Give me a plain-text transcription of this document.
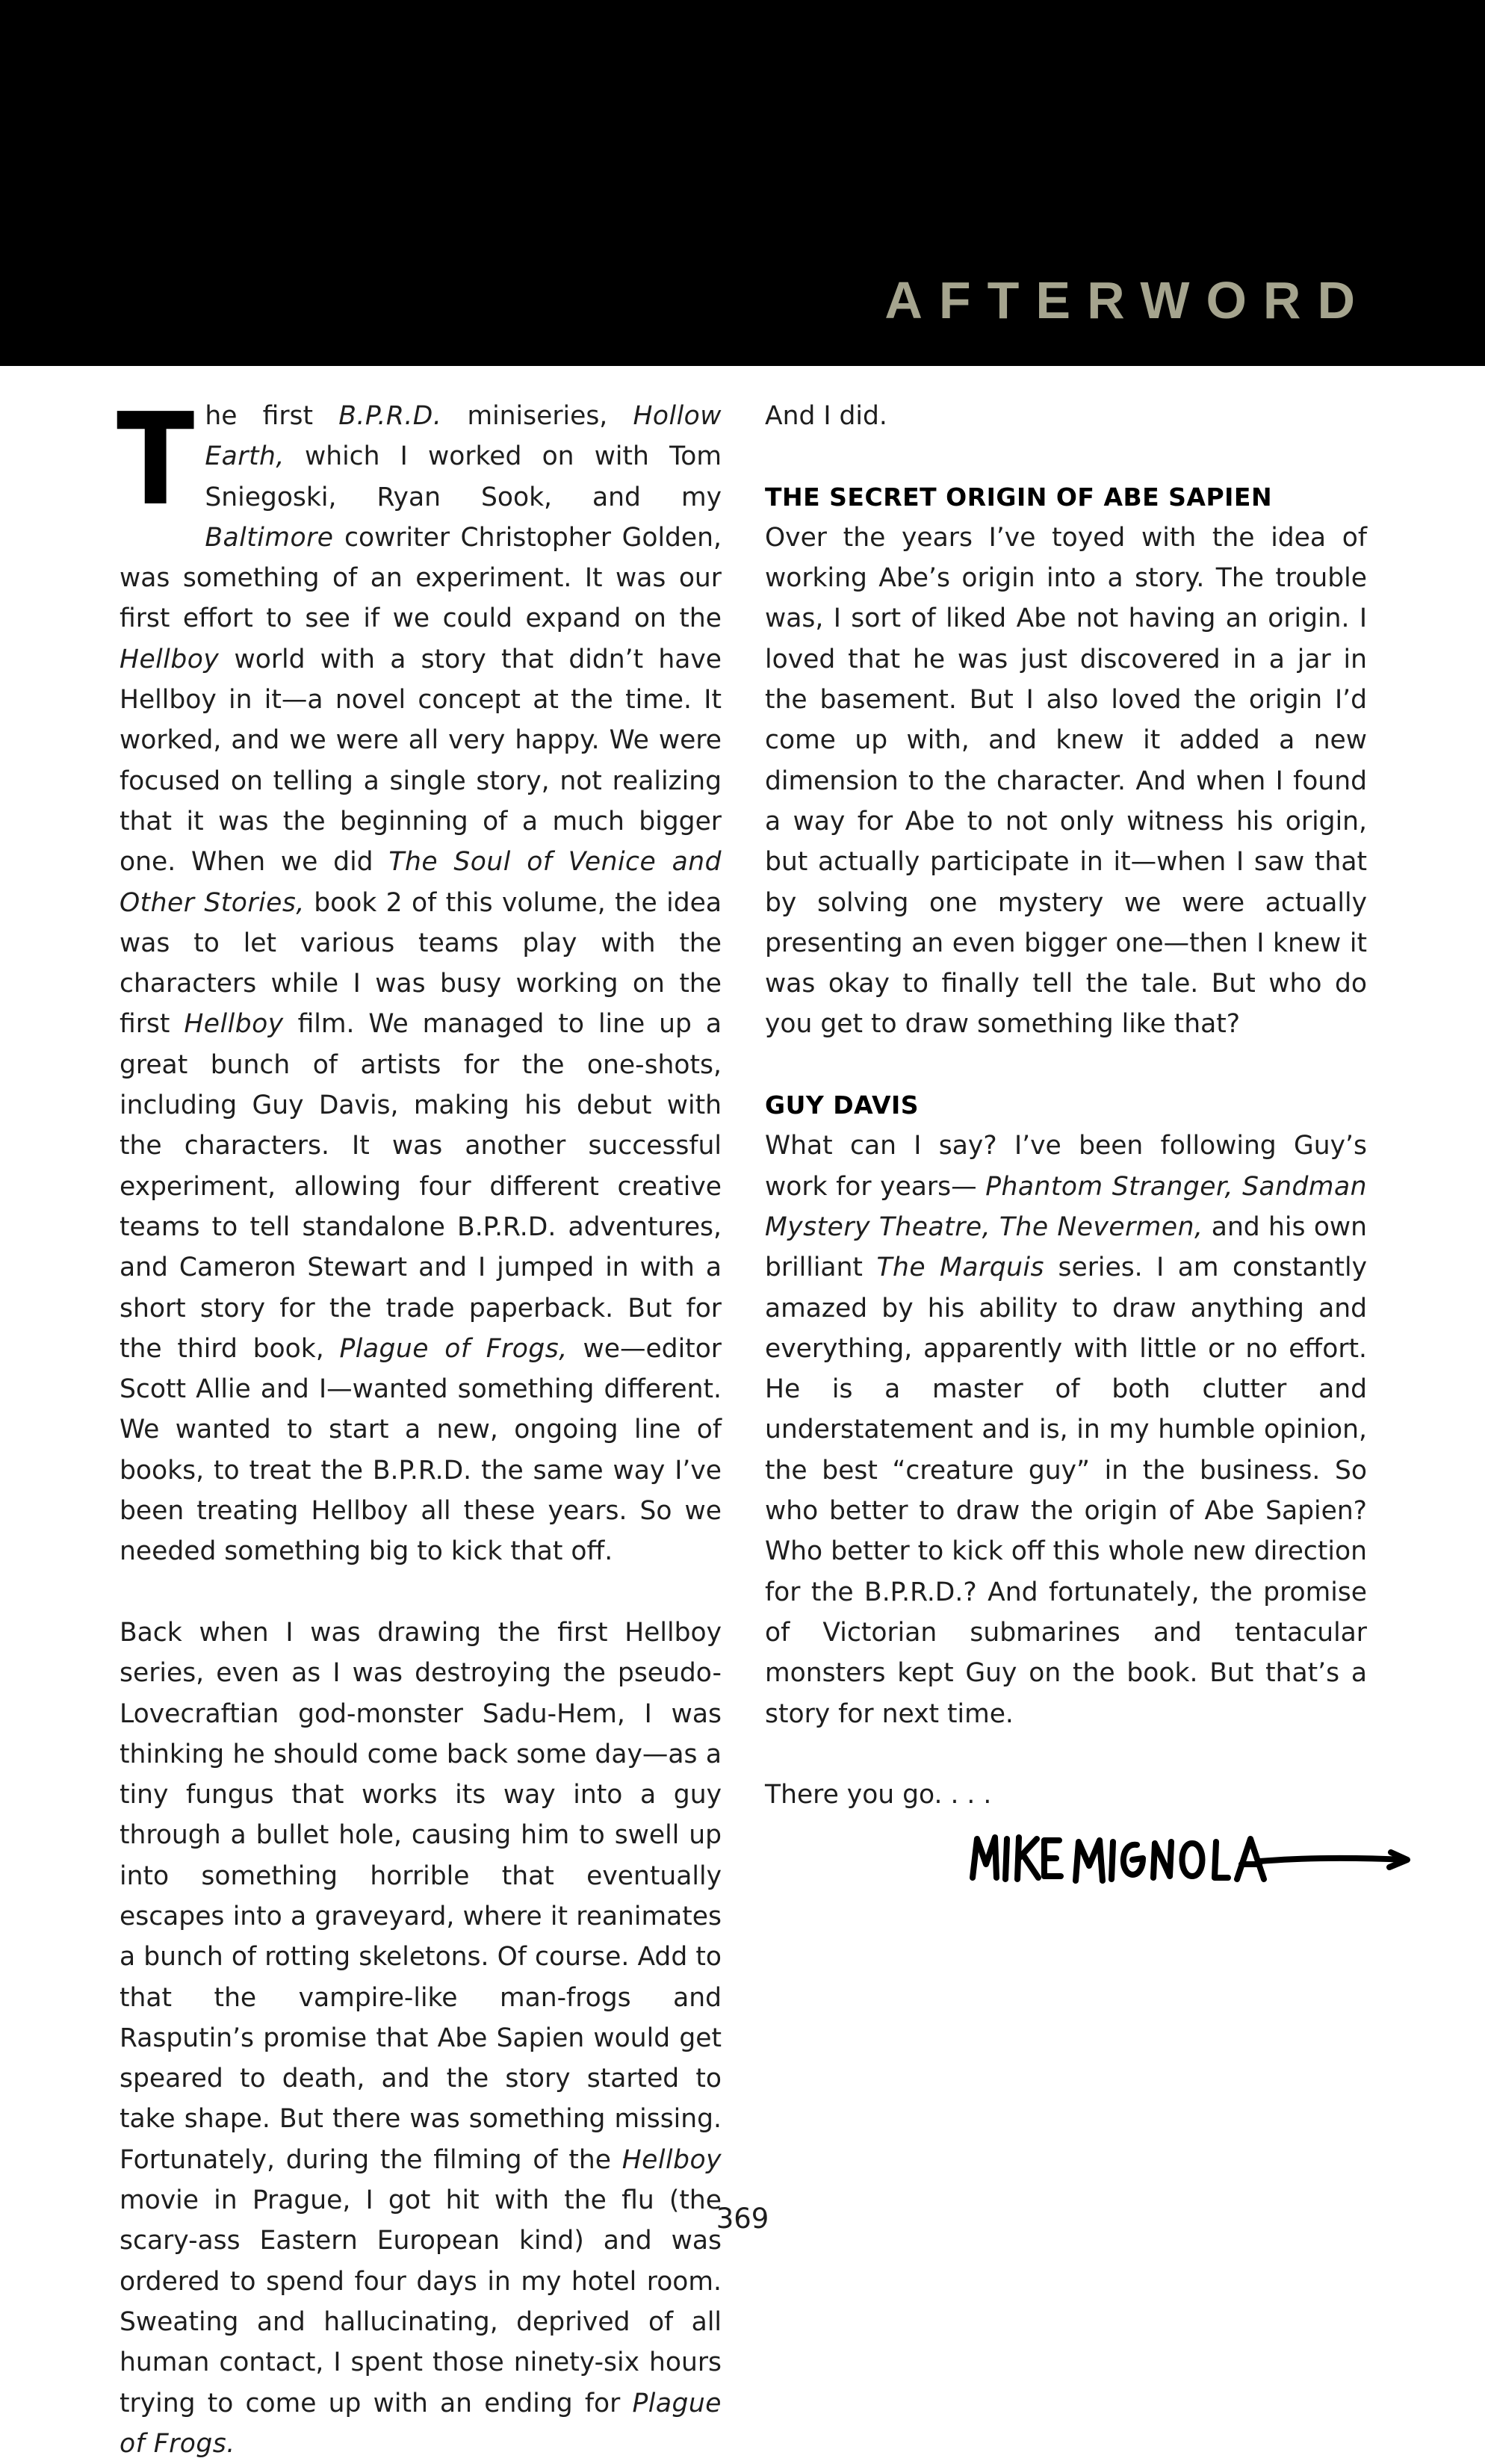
AFTERWORD

The first B.P.R.D. miniseries, Hollow Earth, which I worked on with Tom Sniegoski, Ryan Sook, and my Baltimore cowriter Christopher Golden, was something of an experiment. It was our first effort to see if we could expand on the Hellboy world with a story that didn’t have Hellboy in it—a novel concept at the time. It worked, and we were all very happy. We were focused on telling a single story, not realizing that it was the beginning of a much bigger one. When we did The Soul of Venice and Other Stories, book 2 of this volume, the idea was to let various teams play with the characters while I was busy working on the first Hellboy film. We managed to line up a great bunch of artists for the one-shots, including Guy Davis, making his debut with the characters. It was another successful experiment, allowing four different creative teams to tell standalone B.P.R.D. adventures, and Cameron Stewart and I jumped in with a short story for the trade paperback. But for the third book, Plague of Frogs, we—editor Scott Allie and I—wanted something different. We wanted to start a new, ongoing line of books, to treat the B.P.R.D. the same way I’ve been treating Hellboy all these years. So we needed something big to kick that off.

Back when I was drawing the first Hellboy series, even as I was destroying the pseudo-Lovecraftian god-monster Sadu-Hem, I was thinking he should come back some day—as a tiny fungus that works its way into a guy through a bullet hole, causing him to swell up into something horrible that eventually escapes into a graveyard, where it reanimates a bunch of rotting skeletons. Of course. Add to that the vampire-like man-frogs and Rasputin’s promise that Abe Sapien would get speared to death, and the story started to take shape. But there was something missing. Fortunately, during the filming of the Hellboy movie in Prague, I got hit with the flu (the scary-ass Eastern European kind) and was ordered to spend four days in my hotel room. Sweating and hallucinating, deprived of all human contact, I spent those ninety-six hours trying to come up with an ending for Plague of Frogs.

And I did.

THE SECRET ORIGIN OF ABE SAPIEN

Over the years I’ve toyed with the idea of working Abe’s origin into a story. The trouble was, I sort of liked Abe not having an origin. I loved that he was just discovered in a jar in the basement. But I also loved the origin I’d come up with, and knew it added a new dimension to the character. And when I found a way for Abe to not only witness his origin, but actually participate in it—when I saw that by solving one mystery we were actually presenting an even bigger one—then I knew it was okay to finally tell the tale. But who do you get to draw something like that?

GUY DAVIS

What can I say? I’ve been following Guy’s work for years— Phantom Stranger, Sandman Mystery Theatre, The Nevermen, and his own brilliant The Marquis series. I am constantly amazed by his ability to draw anything and everything, apparently with little or no effort. He is a master of both clutter and understatement and is, in my humble opinion, the best “creature guy” in the business. So who better to draw the origin of Abe Sapien? Who better to kick off this whole new direction for the B.P.R.D.? And fortunately, the promise of Victorian submarines and tentacular monsters kept Guy on the book. But that’s a story for next time.

There you go. . . .

369
